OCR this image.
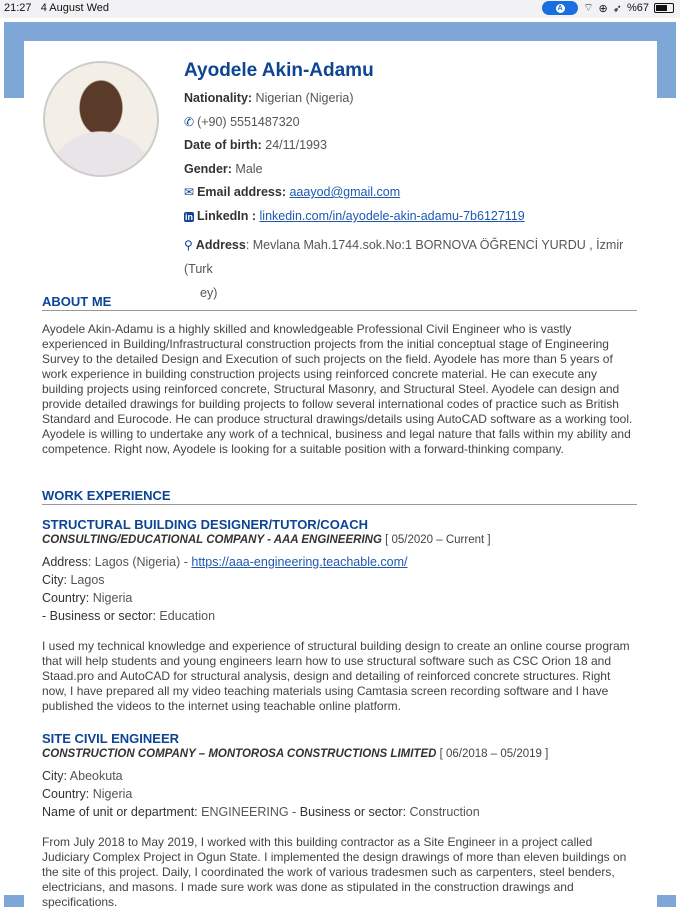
21:27 4 August Wed	A ⌔ ⊕ ➶ %67
Ayodele Akin-Adamu
Nationality: Nigerian (Nigeria)
✆ (+90) 5551487320
Date of birth: 24/11/1993
Gender: Male
✉ Email address: aaayod@gmail.com
in LinkedIn : linkedin.com/in/ayodele-akin-adamu-7b6127119
⚲ Address: Mevlana Mah.1744.sok.No:1 BORNOVA ÖĞRENCİ YURDU , İzmir (Turk
ey)
ABOUT ME
Ayodele Akin-Adamu is a highly skilled and knowledgeable Professional Civil Engineer who is vastly experienced in Building/Infrastructural construction projects from the initial conceptual stage of Engineering Survey to the detailed Design and Execution of such projects on the field. Ayodele has more than 5 years of work experience in building construction projects using reinforced concrete material. He can execute any building projects using reinforced concrete, Structural Masonry, and Structural Steel. Ayodele can design and provide detailed drawings for building projects to follow several international codes of practice such as British Standard and Eurocode. He can produce structural drawings/details using AutoCAD software as a working tool. Ayodele is willing to undertake any work of a technical, business and legal nature that falls within my ability and competence. Right now, Ayodele is looking for a suitable position with a forward-thinking company.
WORK EXPERIENCE
STRUCTURAL BUILDING DESIGNER/TUTOR/COACH
CONSULTING/EDUCATIONAL COMPANY - AAA ENGINEERING [ 05/2020 – Current ]
Address: Lagos (Nigeria) - https://aaa-engineering.teachable.com/
City: Lagos
Country: Nigeria
- Business or sector: Education
I used my technical knowledge and experience of structural building design to create an online course program that will help students and young engineers learn how to use structural software such as CSC Orion 18 and Staad.pro and AutoCAD for structural analysis, design and detailing of reinforced concrete structures. Right now, I have prepared all my video teaching materials using Camtasia screen recording software and I have published the videos to the internet using teachable online platform.
SITE CIVIL ENGINEER
CONSTRUCTION COMPANY – MONTOROSA CONSTRUCTIONS LIMITED [ 06/2018 – 05/2019 ]
City: Abeokuta
Country: Nigeria
Name of unit or department: ENGINEERING - Business or sector: Construction
From July 2018 to May 2019, I worked with this building contractor as a Site Engineer in a project called Judiciary Complex Project in Ogun State. I implemented the design drawings of more than eleven buildings on the site of this project. Daily, I coordinated the work of various tradesmen such as carpenters, steel benders, electricians, and masons. I made sure work was done as stipulated in the construction drawings and specifications.
